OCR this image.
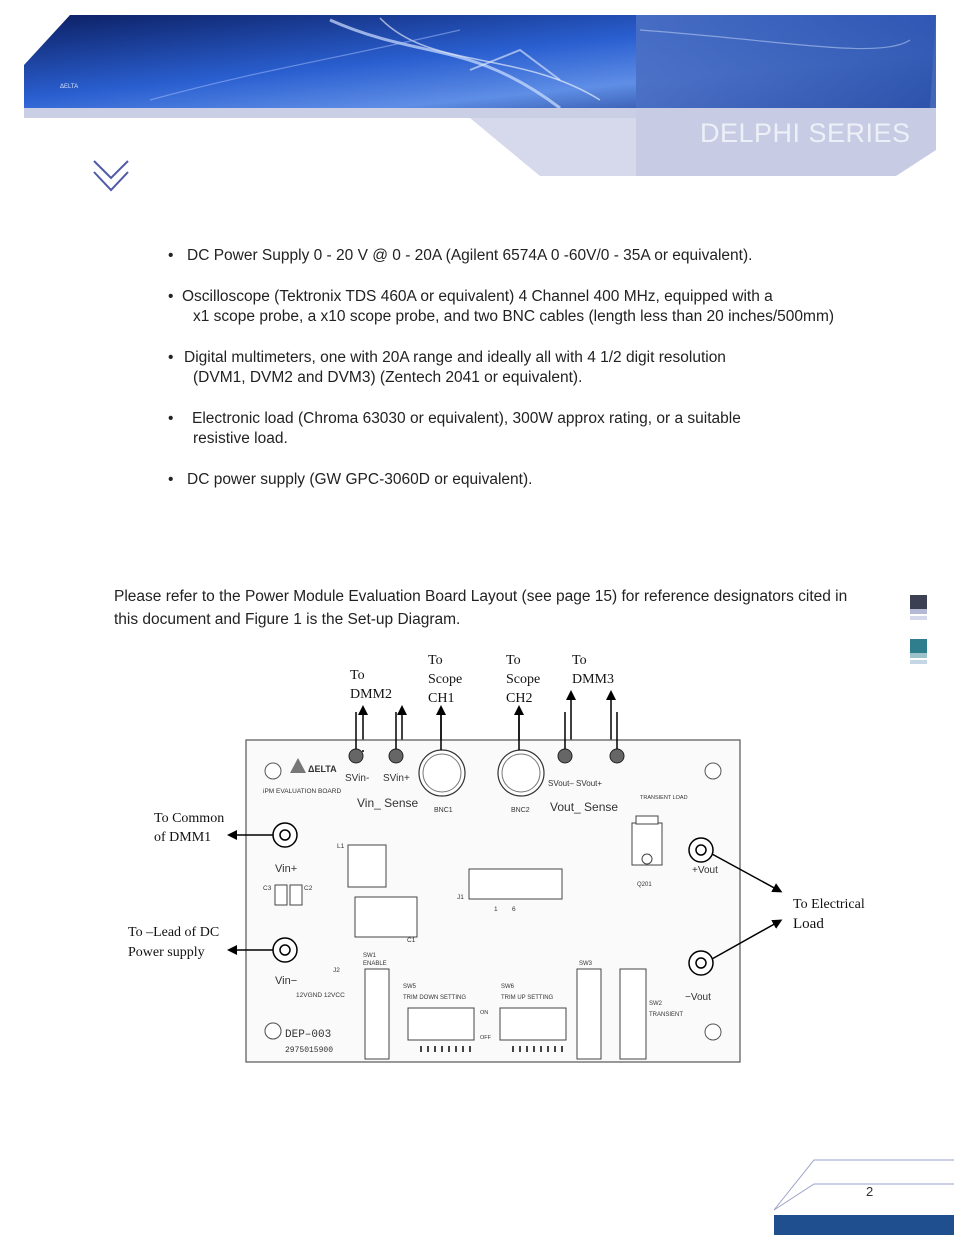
ΔELTA
DELPHI SERIES
• DC Power Supply 0 - 20 V @ 0 - 20A (Agilent 6574A 0 -60V/0 - 35A or equivalent).
• Oscilloscope (Tektronix TDS 460A or equivalent) 4 Channel 400 MHz, equipped with a
x1 scope probe, a x10 scope probe, and two BNC cables (length less than 20 inches/500mm)
• Digital multimeters, one with 20A range and ideally all with 4 1/2 digit resolution
(DVM1, DVM2 and DVM3) (Zentech 2041 or equivalent).
•	Electronic load (Chroma 63030 or equivalent), 300W approx rating, or a suitable
resistive load.
• DC power supply (GW GPC-3060D or equivalent).
Please refer to the Power Module Evaluation Board Layout (see page 15) for reference designators cited in this document and Figure 1 is the Set-up Diagram.
To
DMM2
To
Scope
CH1
To
Scope
CH2
To
DMM3
To Common
of DMM1
To –Lead of DC
Power supply
To Electrical
Load
ΔELTA
iPM EVALUATION BOARD
SVin- SVin+
Vin_ Sense
BNC1	BNC2
SVout– SVout+
Vout_ Sense
TRANSIENT LOAD
L1
Vin+
C3	C2
J1
1        6
C1
Q201
+Vout
−Vout
Vin−
J2
12VGND 12VCC
SW1
ENABLE
SW5
TRIM DOWN SETTING
SW6
TRIM UP SETTING
ON
OFF
SW3
SW2
TRANSIENT
DEP–003
2975015900
2
